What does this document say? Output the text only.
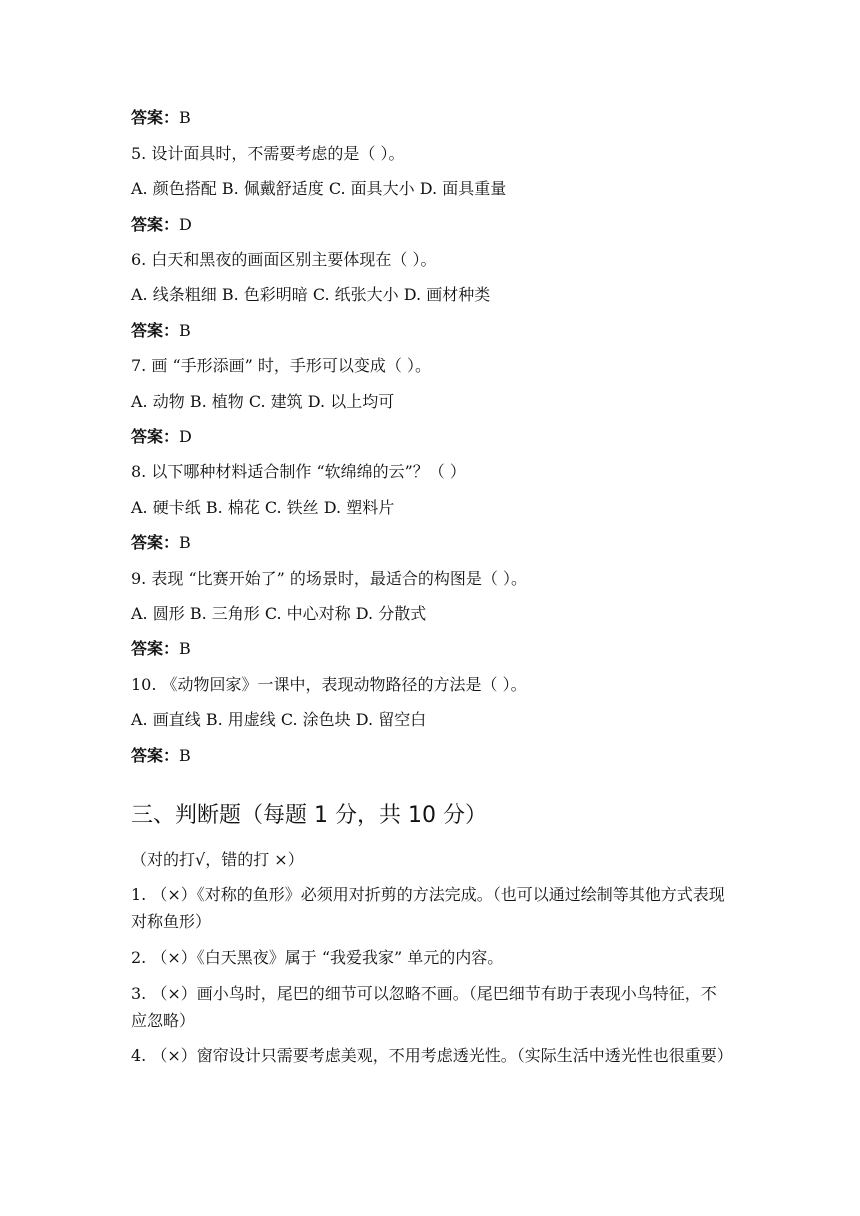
答案：B
5. 设计面具时，不需要考虑的是（ ）。
A. 颜色搭配 B. 佩戴舒适度 C. 面具大小 D. 面具重量
答案：D
6. 白天和黑夜的画面区别主要体现在（ ）。
A. 线条粗细 B. 色彩明暗 C. 纸张大小 D. 画材种类
答案：B
7. 画 “手形添画” 时，手形可以变成（ ）。
A. 动物 B. 植物 C. 建筑 D. 以上均可
答案：D
8. 以下哪种材料适合制作 “软绵绵的云”？（ ）
A. 硬卡纸 B. 棉花 C. 铁丝 D. 塑料片
答案：B
9. 表现 “比赛开始了” 的场景时，最适合的构图是（ ）。
A. 圆形 B. 三角形 C. 中心对称 D. 分散式
答案：B
10. 《动物回家》一课中，表现动物路径的方法是（ ）。
A. 画直线 B. 用虚线 C. 涂色块 D. 留空白
答案：B
三、判断题（每题 1 分，共 10 分）
（对的打√，错的打 ×）
1. （×）《对称的鱼形》必须用对折剪的方法完成。（也可以通过绘制等其他方式表现对称鱼形）
2. （×）《白天黑夜》属于 “我爱我家” 单元的内容。
3. （×）画小鸟时，尾巴的细节可以忽略不画。（尾巴细节有助于表现小鸟特征，不应忽略）
4. （×）窗帘设计只需要考虑美观，不用考虑透光性。（实际生活中透光性也很重要）
